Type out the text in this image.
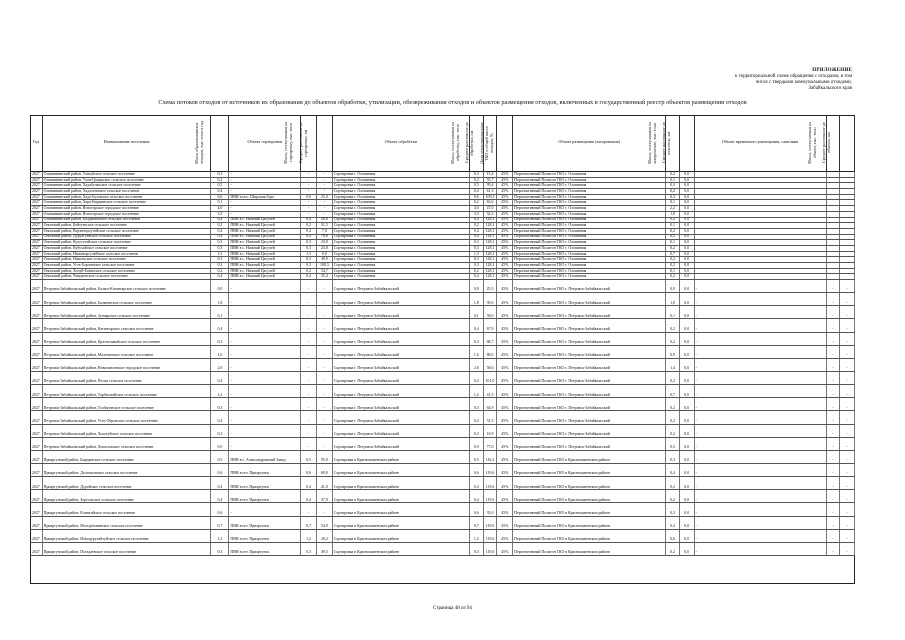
ПРИЛОЖЕНИЕ
к территориальной схеме обращения с отходами, в том
числе с твердыми коммунальными отходами,
Забайкальского края
Схема потоков отходов от источников их образования до объектов обработки, утилизации, обезвреживания отходов и объектов размещения отходов, включенных в государственный реестр объектов размещения отходов
Год	Наименование поселения	Масса образовавшихся отходов, тыс. тонн в год	Объект сортировки Масса, поступившая на сортировку, тыс. тонн	Среднее расстояние до сортировки, км	Объект обработки	Масса, поступившая на обработку, тыс. тонн Среднее расстояние до обработки, км	Доля утилизированных ТКО в общей массе отходов, %	Объект размещения (захоронения)	Масса, поступившая на захоронение, тыс. тонн	Среднее расстояние до полигона, км	Объект временного размещения, сжигания	Масса, поступившая на объект, тыс. тонн	Среднее расстояние до объекта, км
2027 Оловяннинский район, Улятуйское сельское поселение	0,3	-	-	-	Сортировка г. Оловянная	0,3	15,4	45%	Перспективный Полигон ТКО г. Оловянная	0,2	0,0
2027 Оловяннинский район, Улан-Цацыкское сельское поселение	0,2	-	-	-	Сортировка г. Оловянная	0,2	55,7	45%	Перспективный Полигон ТКО г. Оловянная	0,1	0,0
2027 Оловяннинский район, Хадабулакское сельское поселение	0,5	-	-	-	Сортировка г. Оловянная	0,5	95,4	45%	Перспективный Полигон ТКО г. Оловянная	0,3	0,0
2027 Оловяннинский район, Хадахтинское сельское поселение	0,4	-	-	-	Сортировка г. Оловянная	0,4	61,3	45%	Перспективный Полигон ТКО г. Оловянная	0,2	0,0
2027 Оловяннинский район, Хада-Булакское сельское поселение	0,6	ПВН в пос. Широкая Гора	0,6	25,0	Сортировка г. Оловянная	0,6	109,3	45%	Перспективный Полигон ТКО г. Оловянная	0,3	0,0
2027 Оловяннинский район, Хара-Бырцинское сельское поселение	0,1	-	-	-	Сортировка г. Оловянная	0,2	63,6	45%	Перспективный Полигон ТКО г. Оловянная	0,1	0,0
2027 Оловяннинский район, Ясногорское городское поселение	4,0	-	-	-	Сортировка г. Оловянная	4,0	47,0	45%	Перспективный Полигон ТКО г. Оловянная	2,2	0,0
2027 Оловяннинский район, Ясногорское городское поселение	3,3	-	-	-	Сортировка г. Оловянная	3,3	32,3	45%	Перспективный Полигон ТКО г. Оловянная	1,8	0,0
2027 Оловяннинский район, Балдашинское сельское поселение	0,4	ПВН в с. Нижний Цасучей	0,4	20,0	Сортировка г. Оловянная	0,4	128,1	45%	Перспективный Полигон ТКО г. Оловянная	0,2	0,0
2027 Ононский район, Бейтунгское сельское поселение	0,2	ПВН в с. Нижний Цасучей	0,2	31,5	Сортировка г. Оловянная	0,2	128,1	45%	Перспективный Полигон ТКО г. Оловянная	0,1	0,0
2027 Ононский район, Верхнецасучейское сельское поселение	0,4	ПВН в с. Нижний Цасучей	0,4	7,0	Сортировка г. Оловянная	0,4	128,1	45%	Перспективный Полигон ТКО г. Оловянная	0,2	0,0
2027 Ононский район, Дурулгуевское сельское поселение	0,4	ПВН в с. Нижний Цасучей	0,4	78,6	Сортировка г. Оловянная	0,4	128,1	45%	Перспективный Полигон ТКО г. Оловянная	0,2	0,0
2027 Ононский район, Кулусутайское сельское поселение	0,3	ПВН в с. Нижний Цасучей	0,3	23,0	Сортировка г. Оловянная	0,3	128,1	45%	Перспективный Полигон ТКО г. Оловянная	0,1	0,0
2027 Ононский район, Кубухайское сельское поселение	0,3	ПВН в с. Нижний Цасучей	0,3	23,8	Сортировка г. Оловянная	0,3	128,1	45%	Перспективный Полигон ТКО г. Оловянная	0,2	0,0
2027 Ононский район, Нижнецасучейское сельское поселение	1,3	ПВН в с. Нижний Цасучей	1,3	0,0	Сортировка г. Оловянная	1,3	128,1	45%	Перспективный Полигон ТКО г. Оловянная	0,7	0,0
2027 Ононский район, Никольское сельское поселение	0,3	ПВН в с. Нижний Цасучей	0,3	49,9	Сортировка г. Оловянная	0,3	128,1	45%	Перспективный Полигон ТКО г. Оловянная	0,2	0,0
2027 Ононский район, Усть-Борзинское сельское поселение	0,3	ПВН в с. Нижний Цасучей	0,3	108,3	Сортировка г. Оловянная	0,3	128,1	45%	Перспективный Полигон ТКО г. Оловянная	0,2	0,0
2027 Ононский район, Холуй-Базинское сельское поселение	0,2	ПВН в с. Нижний Цасучей	0,2	54,7	Сортировка г. Оловянная	0,2	128,1	45%	Перспективный Полигон ТКО г. Оловянная	0,1	0,0
2027 Ононский район, Чиндантское сельское поселение	0,4	ПВН в с. Нижний Цасучей	0,4	35,4	Сортировка г. Оловянная	0,4	128,1	45%	Перспективный Полигон ТКО г. Оловянная	0,2	0,0
2027 Петровск-Забайкальский район, Баляга-Катангарское сельское поселение	0,0	-	-	-	Сортировка г. Петровск-Забайкальский	0,0	25,5	45%	Перспективный Полигон ТКО г. Петровск-Забайкальский	0,0	0,0	-	-	-
2027 Петровск-Забайкальский район, Балягинское сельское поселение	1,8	-	-	-	Сортировка г. Петровск-Забайкальский	1,8	39,0	45%	Перспективный Полигон ТКО г. Петровск-Забайкальский	1,0	0,0	-	-	-
2027 Петровск-Забайкальский район, Зугмарское сельское поселение	0,1	-	-	-	Сортировка г. Петровск-Забайкальский	0,1	58,0	45%	Перспективный Полигон ТКО г. Петровск-Забайкальский	0,1	0,0	-	-	-
2027 Петровск-Забайкальский район, Катангарское сельское поселение	0,4	-	-	-	Сортировка г. Петровск-Забайкальский	0,4	67,9	45%	Перспективный Полигон ТКО г. Петровск-Забайкальский	0,2	0,0	-	-	-
2027 Петровск-Забайкальский район, Красночикойское сельское поселение	0,3	-	-	-	Сортировка г. Петровск-Забайкальский	0,3	68,7	45%	Перспективный Полигон ТКО г. Петровск-Забайкальский	0,2	0,0	-	-	-
2027 Петровск-Забайкальский район, Малетинское сельское поселение	1,6	-	-	-	Сортировка г. Петровск-Забайкальский	1,6	80,0	45%	Перспективный Полигон ТКО г. Петровск-Забайкальский	0,9	0,0	-	-	-
2027 Петровск-Забайкальский район, Новопавловское городское поселение	2,6	-	-	-	Сортировка г. Петровск-Забайкальский	2,6	58,6	45%	Перспективный Полигон ТКО г. Петровск-Забайкальский	1,4	0,0	-	-	-
2027 Петровск-Забайкальский район, Пески сельское поселение	0,4	-	-	-	Сортировка г. Петровск-Забайкальский	0,4	101,0	45%	Перспективный Полигон ТКО г. Петровск-Забайкальский	0,2	0,0	-	-	-
2027 Петровск-Забайкальский район, Тарбагатайское сельское поселение	1,2	-	-	-	Сортировка г. Петровск-Забайкальский	1,2	41,5	45%	Перспективный Полигон ТКО г. Петровск-Забайкальский	0,7	0,0	-	-	-
2027 Петровск-Забайкальский район, Толбагинское сельское поселение	0,3	-	-	-	Сортировка г. Петровск-Забайкальский	0,3	64,9	45%	Перспективный Полигон ТКО г. Петровск-Забайкальский	0,2	0,0	-	-	-
2027 Петровск-Забайкальский район, Усть-Обронское сельское поселение	0,4	-	-	-	Сортировка г. Петровск-Забайкальский	0,4	51,5	45%	Перспективный Полигон ТКО г. Петровск-Забайкальский	0,2	0,0	-	-	-
2027 Петровск-Забайкальский район, Хохотуйское сельское поселение	0,3	-	-	-	Сортировка г. Петровск-Забайкальский	0,3	16,9	45%	Перспективный Полигон ТКО г. Петровск-Забайкальский	0,2	0,0	-	-	-
2027 Петровск-Забайкальский район, Хошеловское сельское поселение	0,9	-	-	-	Сортировка г. Петровск-Забайкальский	0,9	77,0	45%	Перспективный Полигон ТКО г. Петровск-Забайкальский	0,5	0,0	-	-	-
2027 Приаргунский район, Бырцинское сельское поселение	0,5	ПВН в с. Александровский Завод	0,5	95,0	Сортировка в Краснокаменском районе	0,5	116,2	45%	Перспективный Полигон ТКО в Краснокаменском районе	0,3	0,0	-	-	-
2027 Приаргунский район, Долгокынское сельское поселение	0,6	ПВН в пгт. Приаргунск	0,6	69,0	Сортировка в Краснокаменском районе	0,6	119,6	45%	Перспективный Полигон ТКО в Краснокаменском районе	0,4	0,0	-	-	-
2027 Приаргунский район, Дуройское сельское поселение	0,4	ПВН в пгт. Приаргунск	0,4	41,0	Сортировка в Краснокаменском районе	0,4	119,6	45%	Перспективный Полигон ТКО в Краснокаменском районе	0,2	0,0	-	-	-
2027 Приаргунский район, Зоргольское сельское поселение	0,4	ПВН в пгт. Приаргунск	0,4	37,9	Сортировка в Краснокаменском районе	0,4	119,6	45%	Перспективный Полигон ТКО в Краснокаменском районе	0,2	0,0	-	-	-
2027 Приаргунский район, Клинтайское сельское поселение	0,6	-	-	-	Сортировка в Краснокаменском районе	0,6	35,0	45%	Перспективный Полигон ТКО в Краснокаменском районе	0,3	0,0	-	-	-
2027 Приаргунский район, Молодёжнинское сельское поселение	0,7	ПВН в пгт. Приаргунск	0,7	54,0	Сортировка в Краснокаменском районе	0,7	119,6	45%	Перспективный Полигон ТКО в Краснокаменском районе	0,4	0,0	-	-	-
2027 Приаргунский район, Новоцурухайтуйское сельское поселение	1,2	ПВН в пгт. Приаргунск	1,2	20,2	Сортировка в Краснокаменском районе	1,2	119,6	45%	Перспективный Полигон ТКО в Краснокаменском районе	0,6	0,0	-	-	-
2027 Приаргунский район, Погадаевское сельское поселение	0,3	ПВН в пгт. Приаргунск	0,3	49,5	Сортировка в Краснокаменском районе	0,3	119,6	45%	Перспективный Полигон ТКО в Краснокаменском районе	0,2	0,0	-	-	-
Страница 48 из 94
